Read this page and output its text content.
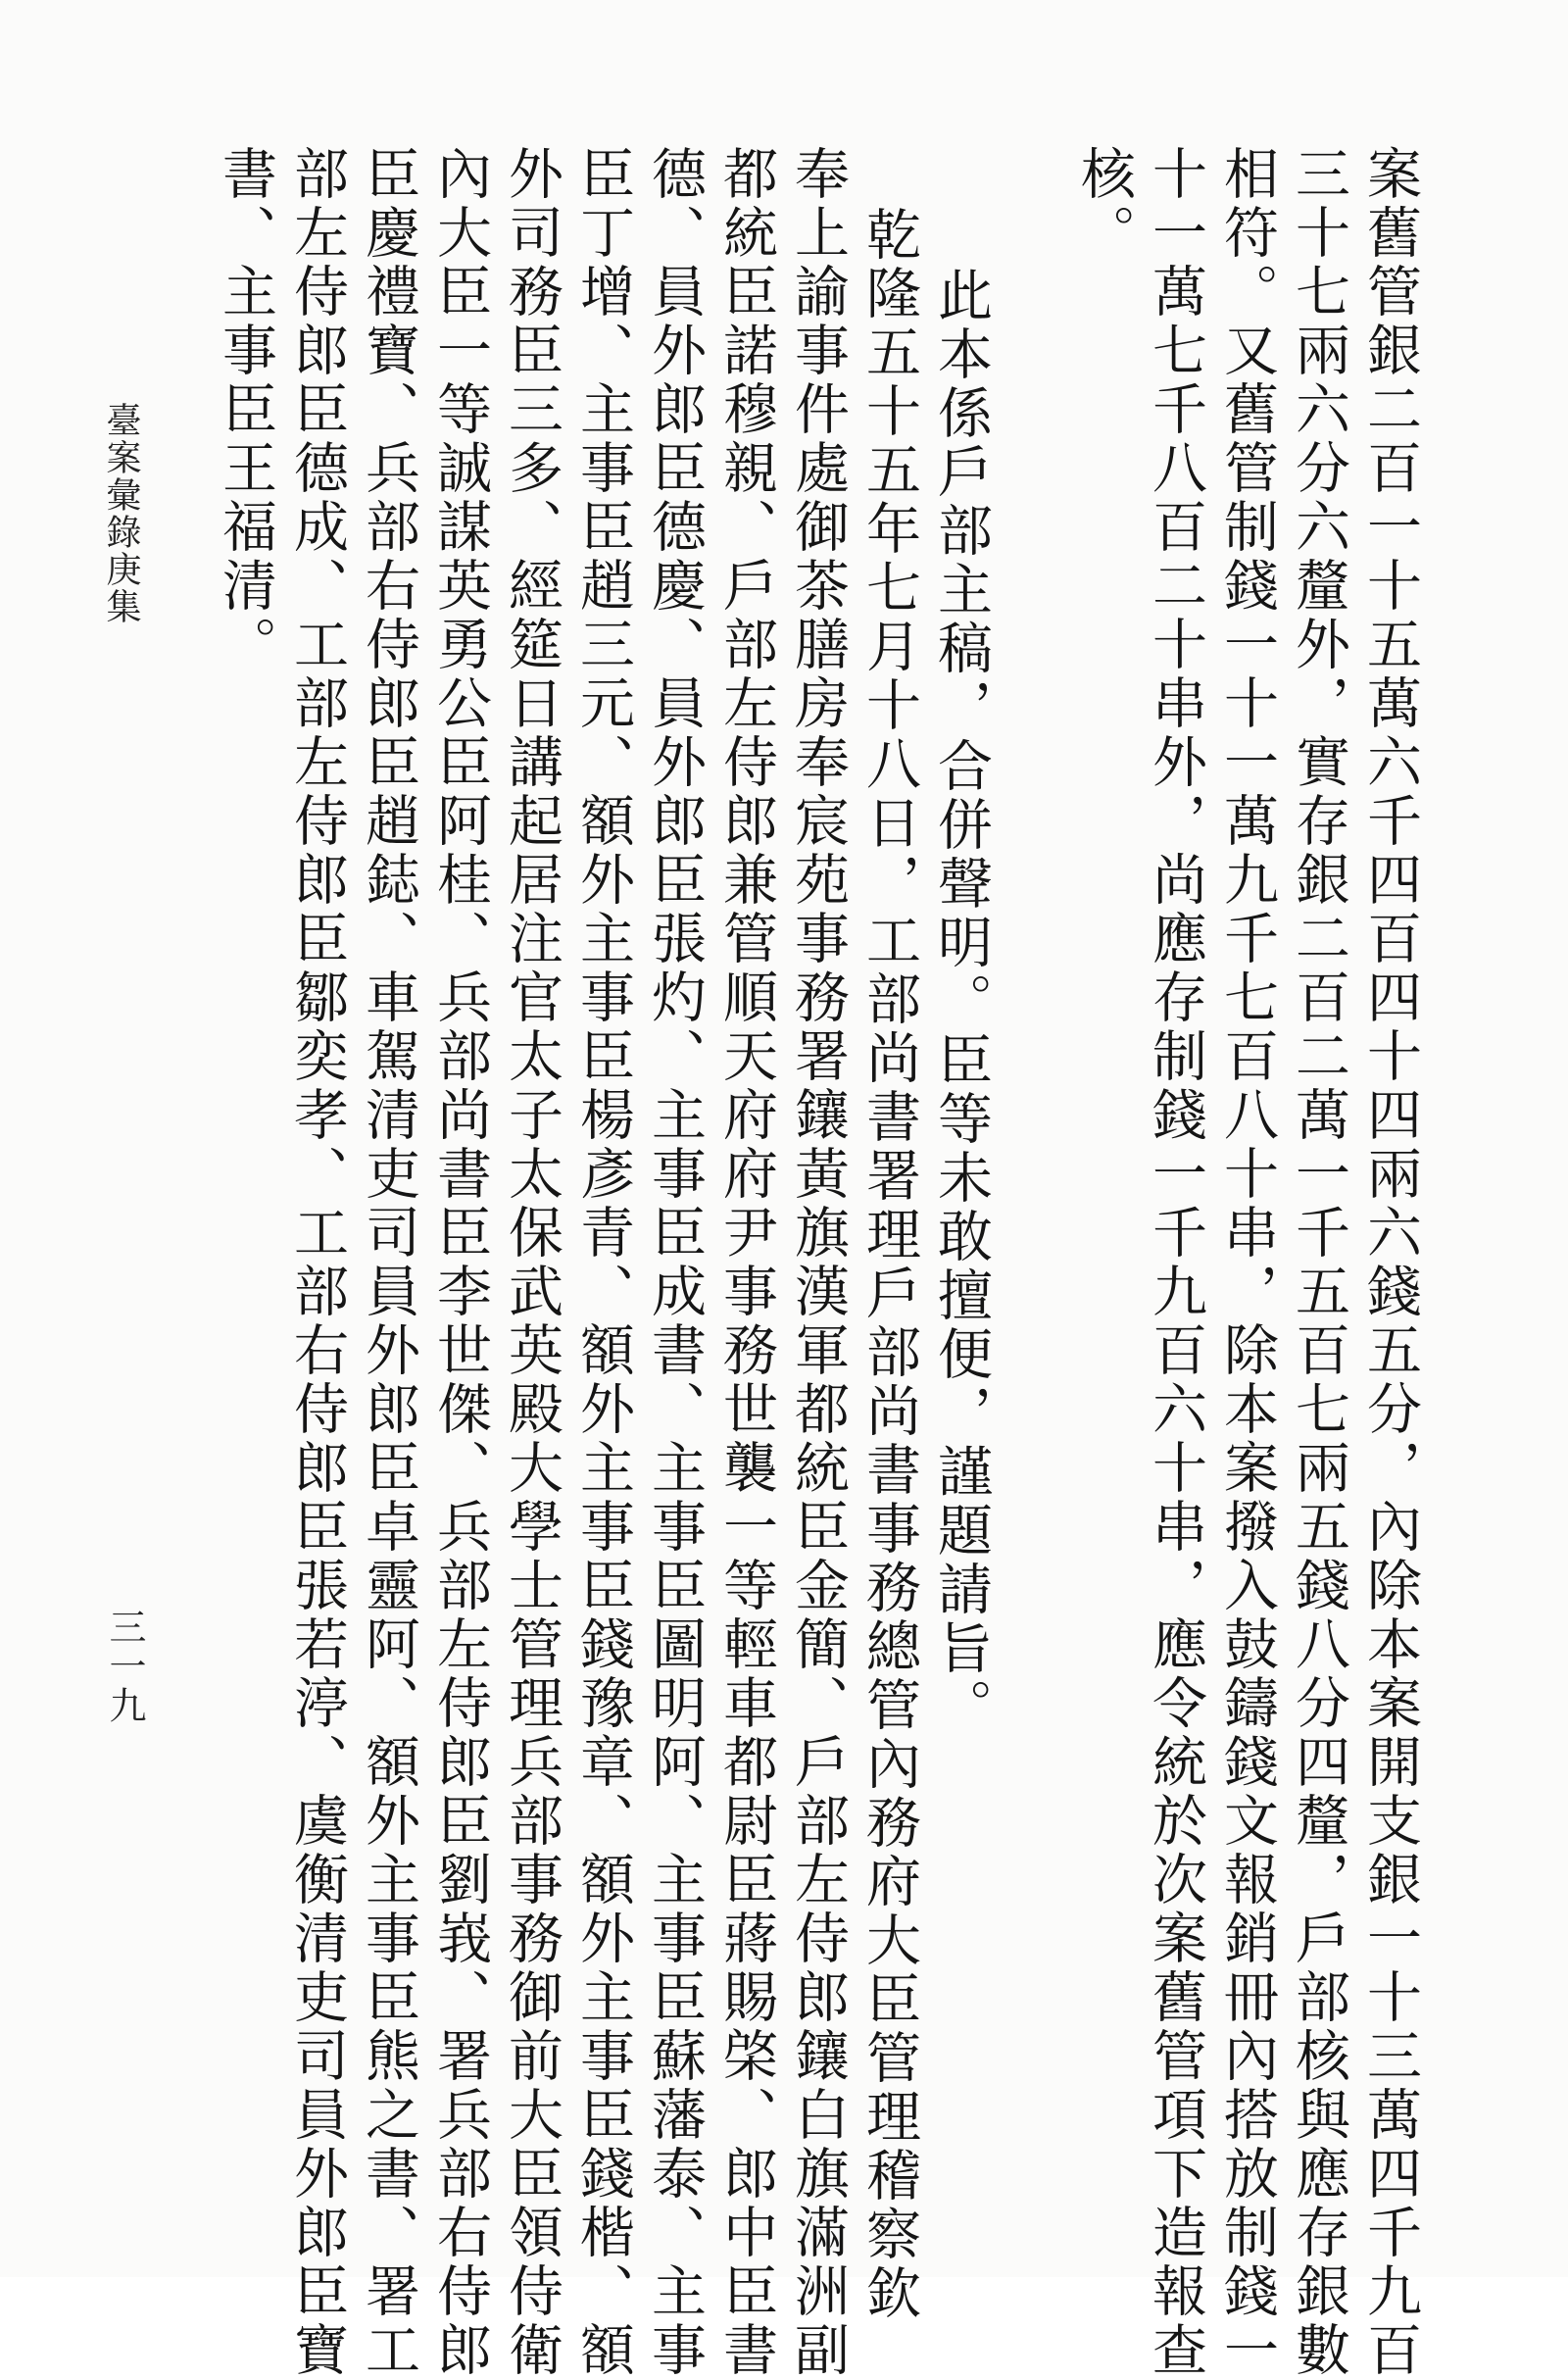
案舊管銀二百一十五萬六千四百四十四兩六錢五分，內除本案開支銀一十三萬四千九百
三十七兩六分六釐外，實存銀二百二萬一千五百七兩五錢八分四釐，戶部核與應存銀數
相符。又舊管制錢一十一萬九千七百八十串，除本案撥入鼓鑄錢文報銷冊內搭放制錢一
十一萬七千八百二十串外，尚應存制錢一千九百六十串，應令統於次案舊管項下造報查
核。
此本係戶部主稿，合併聲明。臣等未敢擅便，謹題請旨。
乾隆五十五年七月十八日，工部尚書署理戶部尚書事務總管內務府大臣管理稽察欽
奉上諭事件處御茶膳房奉宸苑事務署鑲黃旗漢軍都統臣金簡、戶部左侍郎鑲白旗滿洲副
都統臣諾穆親、戶部左侍郎兼管順天府府尹事務世襲一等輕車都尉臣蔣賜棨、郎中臣書
德、員外郎臣德慶、員外郎臣張灼、主事臣成書、主事臣圖明阿、主事臣蘇藩泰、主事
臣丁增、主事臣趙三元、額外主事臣楊彥青、額外主事臣錢豫章、額外主事臣錢楷、額
外司務臣三多、經筵日講起居注官太子太保武英殿大學士管理兵部事務御前大臣領侍衛
內大臣一等誠謀英勇公臣阿桂、兵部尚書臣李世傑、兵部左侍郎臣劉峩、署兵部右侍郎
臣慶禮寶、兵部右侍郎臣趙鋕、車駕清吏司員外郎臣卓靈阿、額外主事臣熊之書、署工
部左侍郎臣德成、工部左侍郎臣鄒奕孝、工部右侍郎臣張若渟、虞衡清吏司員外郎臣寶
書、主事臣王福清。
臺案彙錄庚集
三一九
